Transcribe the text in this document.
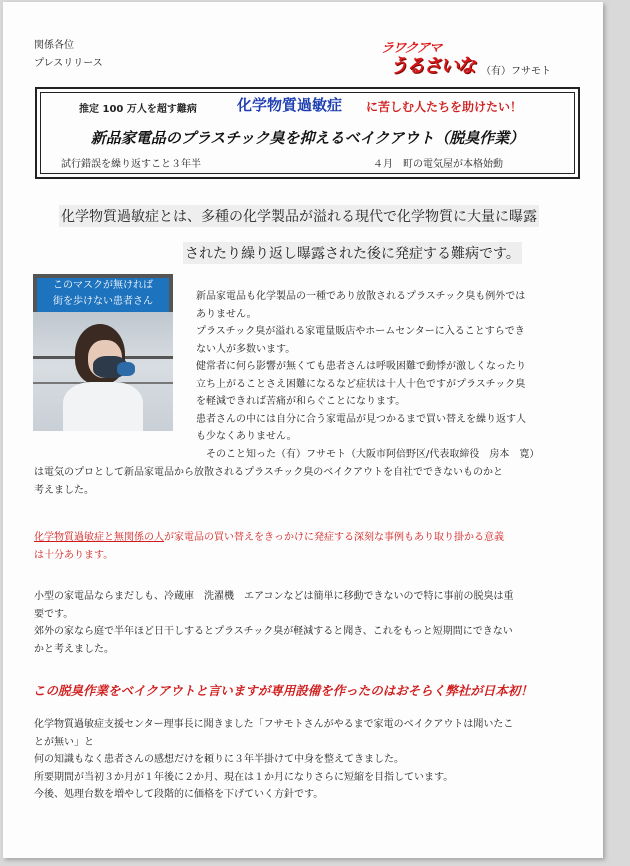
関係各位
プレスリリース
ラワクアマ
うるさいな （有）フサモト
推定 100 万人を超す難病	化学物質過敏症 に苦しむ人たちを助けたい！
新品家電品のプラスチック臭を抑えるベイクアウト（脱臭作業）
試行錯誤を繰り返すこと３年半	４月　町の電気屋が本格始動
化学物質過敏症とは、多種の化学製品が溢れる現代で化学物質に大量に曝露
されたり繰り返し曝露された後に発症する難病です。
このマスクが無ければ
街を歩けない患者さん	新品家電品も化学製品の一種であり放散されるプラスチック臭も例外では
ありません。
プラスチック臭が溢れる家電量販店やホームセンターに入ることすらでき
ない人が多数います。
健常者に何ら影響が無くても患者さんは呼吸困難で動悸が激しくなったり
立ち上がることさえ困難になるなど症状は十人十色ですがプラスチック臭
を軽減できれば苦痛が和らぐことになります。
患者さんの中には自分に合う家電品が見つかるまで買い替えを繰り返す人
も少なくありません。
　そのこと知った（有）フサモト（大阪市阿倍野区/代表取締役　房本　寛）
は電気のプロとして新品家電品から放散されるプラスチック臭のベイクアウトを自社でできないものかと
考えました。
化学物質過敏症と無関係の人が家電品の買い替えをきっかけに発症する深刻な事例もあり取り掛かる意義
は十分あります。
小型の家電品ならまだしも、冷蔵庫　洗濯機　エアコンなどは簡単に移動できないので特に事前の脱臭は重
要です。
郊外の家なら庭で半年ほど日干しするとプラスチック臭が軽減すると聞き、これをもっと短期間にできない
かと考えました。
この脱臭作業をベイクアウトと言いますが専用設備を作ったのはおそらく弊社が日本初！
化学物質過敏症支援センター理事長に聞きました「フサモトさんがやるまで家電のベイクアウトは聞いたこ
とが無い」と
何の知識もなく患者さんの感想だけを頼りに３年半掛けて中身を整えてきました。
所要期間が当初３か月が１年後に２か月、現在は１か月になりさらに短縮を目指しています。
今後、処理台数を増やして段階的に価格を下げていく方針です。
